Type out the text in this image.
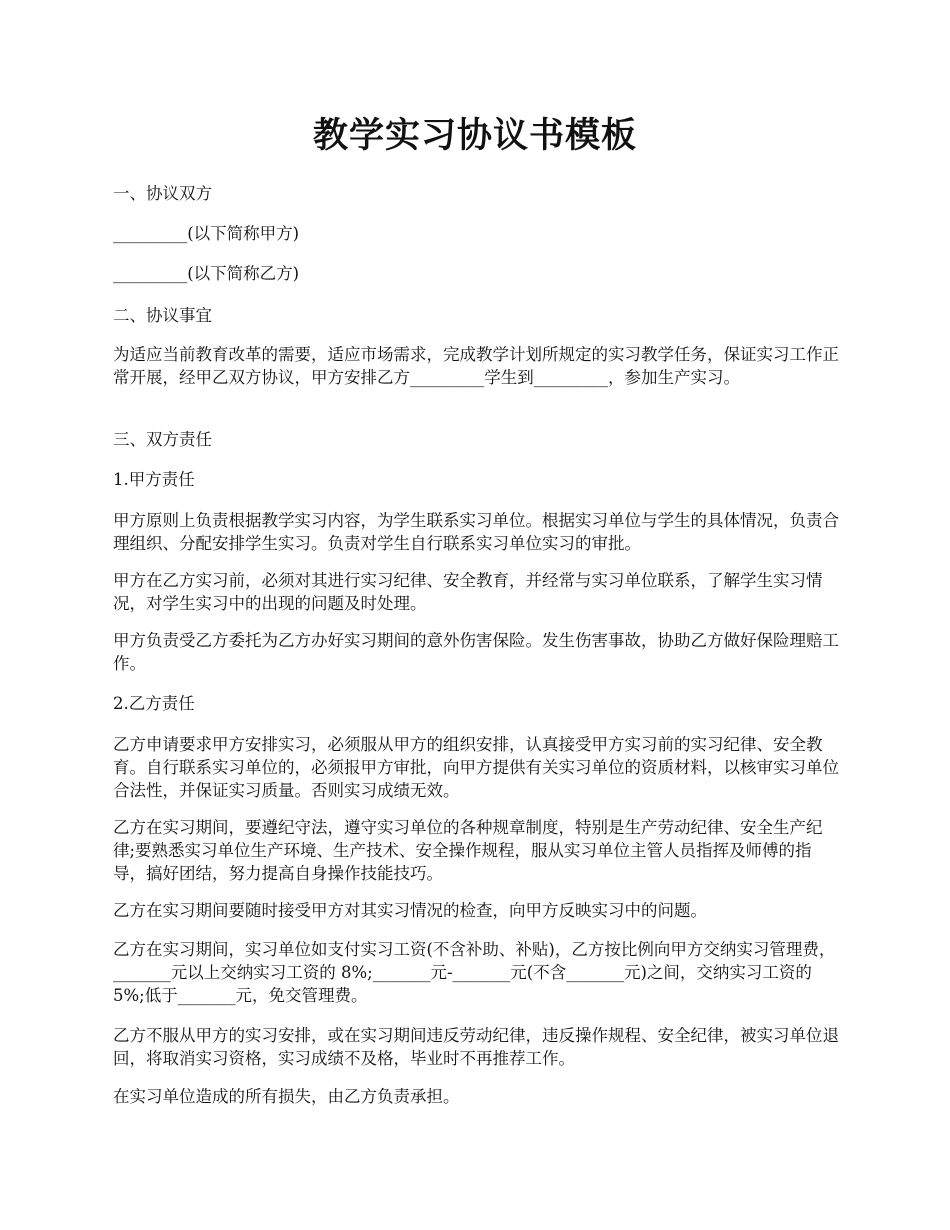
教学实习协议书模板

一、协议双方

_________(以下简称甲方)

_________(以下简称乙方)

二、协议事宜

为适应当前教育改革的需要，适应市场需求，完成教学计划所规定的实习教学任务，保证实习工作正常开展，经甲乙双方协议，甲方安排乙方_________学生到_________，参加生产实习。

三、双方责任

1.甲方责任

甲方原则上负责根据教学实习内容，为学生联系实习单位。根据实习单位与学生的具体情况，负责合理组织、分配安排学生实习。负责对学生自行联系实习单位实习的审批。

甲方在乙方实习前，必须对其进行实习纪律、安全教育，并经常与实习单位联系，了解学生实习情况，对学生实习中的出现的问题及时处理。

甲方负责受乙方委托为乙方办好实习期间的意外伤害保险。发生伤害事故，协助乙方做好保险理赔工作。

2.乙方责任

乙方申请要求甲方安排实习，必须服从甲方的组织安排，认真接受甲方实习前的实习纪律、安全教育。自行联系实习单位的，必须报甲方审批，向甲方提供有关实习单位的资质材料，以核审实习单位合法性，并保证实习质量。否则实习成绩无效。

乙方在实习期间，要遵纪守法，遵守实习单位的各种规章制度，特别是生产劳动纪律、安全生产纪律;要熟悉实习单位生产环境、生产技术、安全操作规程，服从实习单位主管人员指挥及师傅的指导，搞好团结，努力提高自身操作技能技巧。

乙方在实习期间要随时接受甲方对其实习情况的检查，向甲方反映实习中的问题。

乙方在实习期间，实习单位如支付实习工资(不含补助、补贴)，乙方按比例向甲方交纳实习管理费，_______元以上交纳实习工资的 8%;_______元-_______元(不含_______元)之间，交纳实习工资的 5%;低于_______元，免交管理费。

乙方不服从甲方的实习安排，或在实习期间违反劳动纪律，违反操作规程、安全纪律，被实习单位退回，将取消实习资格，实习成绩不及格，毕业时不再推荐工作。

在实习单位造成的所有损失，由乙方负责承担。
